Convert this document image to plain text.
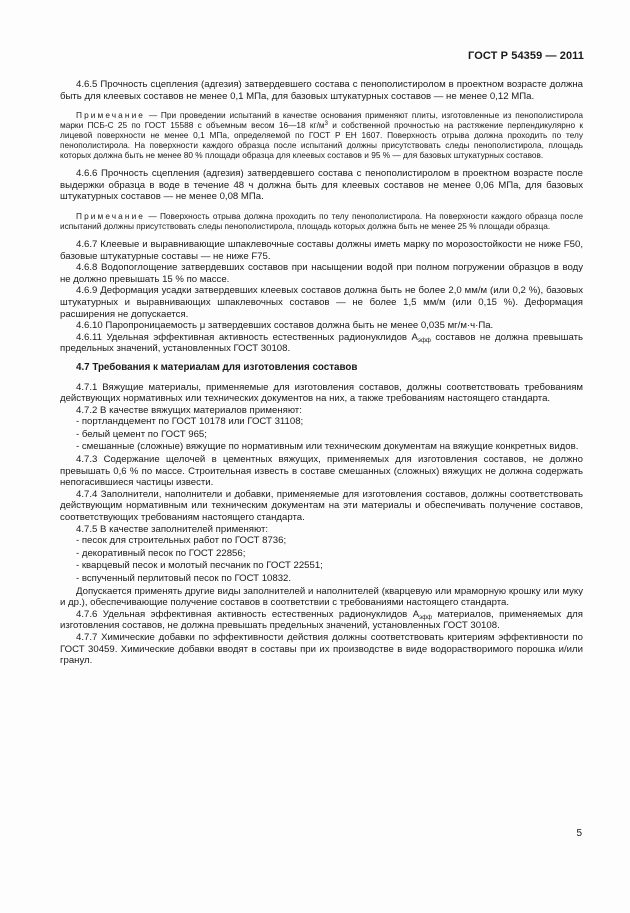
ГОСТ Р 54359 — 2011

4.6.5 Прочность сцепления (адгезия) затвердевшего состава с пенополистиролом в проектном возрасте должна быть для клеевых составов не менее 0,1 МПа, для базовых штукатурных составов — не менее 0,12 МПа.

Примечание — При проведении испытаний в качестве основания применяют плиты, изготовленные из пенополистирола марки ПСБ-С 25 по ГОСТ 15588 с объемным весом 16—18 $кг/м^3$ и собственной прочностью на растяжение перпендикулярно к лицевой поверхности не менее 0,1 МПа, определяемой по ГОСТ Р ЕН 1607. Поверхность отрыва должна проходить по телу пенополистирола. На поверхности каждого образца после испытаний должны присутствовать следы пенополистирола, площадь которых должна быть не менее 80 % площади образца для клеевых составов и 95 % — для базовых штукатурных составов.

4.6.6 Прочность сцепления (адгезия) затвердевшего состава с пенополистиролом в проектном возрасте после выдержки образца в воде в течение 48 ч должна быть для клеевых составов не менее 0,06 МПа, для базовых штукатурных составов — не менее 0,08 МПа.

Примечание — Поверхность отрыва должна проходить по телу пенополистирола. На поверхности каждого образца после испытаний должны присутствовать следы пенополистирола, площадь которых должна быть не менее 25 % площади образца.

4.6.7 Клеевые и выравнивающие шпаклевочные составы должны иметь марку по морозостойкости не ниже F50, базовые штукатурные составы — не ниже F75.

4.6.8 Водопоглощение затвердевших составов при насыщении водой при полном погружении образцов в воду не должно превышать 15 % по массе.

4.6.9 Деформация усадки затвердевших клеевых составов должна быть не более 2,0 мм/м (или 0,2 %), базовых штукатурных и выравнивающих шпаклевочных составов — не более 1,5 мм/м (или 0,15 %). Деформация расширения не допускается.

4.6.10 Паропроницаемость μ затвердевших составов должна быть не менее 0,035 мг/м·ч·Па.

4.6.11 Удельная эффективная активность естественных радионуклидов $А_{эфф}$ составов не должна превышать предельных значений, установленных ГОСТ 30108.

4.7 Требования к материалам для изготовления составов

4.7.1 Вяжущие материалы, применяемые для изготовления составов, должны соответствовать требованиям действующих нормативных или технических документов на них, а также требованиям настоящего стандарта.

4.7.2 В качестве вяжущих материалов применяют:

- портландцемент по ГОСТ 10178 или ГОСТ 31108;

- белый цемент по ГОСТ 965;

- смешанные (сложные) вяжущие по нормативным или техническим документам на вяжущие конкретных видов.

4.7.3 Содержание щелочей в цементных вяжущих, применяемых для изготовления составов, не должно превышать 0,6 % по массе. Строительная известь в составе смешанных (сложных) вяжущих не должна содержать непогасившиеся частицы извести.

4.7.4 Заполнители, наполнители и добавки, применяемые для изготовления составов, должны соответствовать действующим нормативным или техническим документам на эти материалы и обеспечивать получение составов, соответствующих требованиям настоящего стандарта.

4.7.5 В качестве заполнителей применяют:

- песок для строительных работ по ГОСТ 8736;

- декоративный песок по ГОСТ 22856;

- кварцевый песок и молотый песчаник по ГОСТ 22551;

- вспученный перлитовый песок по ГОСТ 10832.

Допускается применять другие виды заполнителей и наполнителей (кварцевую или мраморную крошку или муку и др.), обеспечивающие получение составов в соответствии с требованиями настоящего стандарта.

4.7.6 Удельная эффективная активность естественных радионуклидов $А_{эфф}$ материалов, применяемых для изготовления составов, не должна превышать предельных значений, установленных ГОСТ 30108.

4.7.7 Химические добавки по эффективности действия должны соответствовать критериям эффективности по ГОСТ 30459. Химические добавки вводят в составы при их производстве в виде водорастворимого порошка и/или гранул.

5
